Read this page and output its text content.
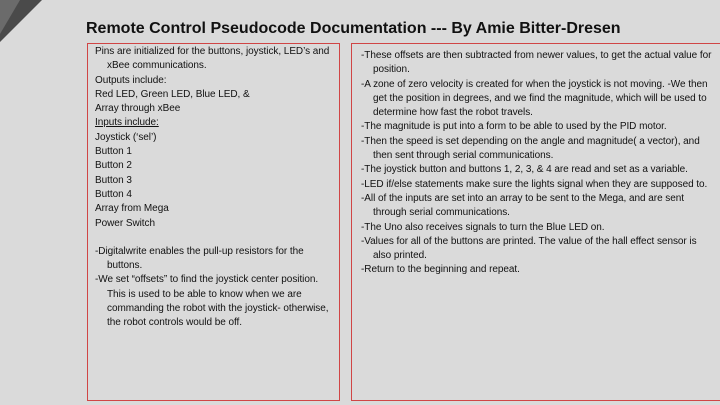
Remote Control Pseudocode Documentation --- By Amie Bitter-Dresen
Pins are initialized for the buttons, joystick, LED’s and xBee communications.
Outputs include:
Red LED, Green LED, Blue LED, &
Array through xBee
Inputs include:
Joystick (‘sel’)
Button 1
Button 2
Button 3
Button 4
Array from Mega
Power Switch
-Digitalwrite enables the pull-up resistors for the buttons.
-We set “offsets” to find the joystick center position. This is used to be able to know when we are commanding the robot with the joystick- otherwise, the robot controls would be off.
-These offsets are then subtracted from newer values, to get the actual value for position.
-A zone of zero velocity is created for when the joystick is not moving. -We then get the position in degrees, and we find the magnitude, which will be used to determine how fast the robot travels.
-The magnitude is put into a form to be able to used by the PID motor.
-Then the speed is set depending on the angle and magnitude( a vector), and then sent through serial communications.
-The joystick button and buttons 1, 2, 3, & 4 are read and set as a variable.
-LED if/else statements make sure the lights signal when they are supposed to.
-All of the inputs are set into an array to be sent to the Mega, and are sent through serial communications.
-The Uno also receives signals to turn the Blue LED on.
-Values for all of the buttons are printed. The value of the hall effect sensor is also printed.
-Return to the beginning and repeat.
